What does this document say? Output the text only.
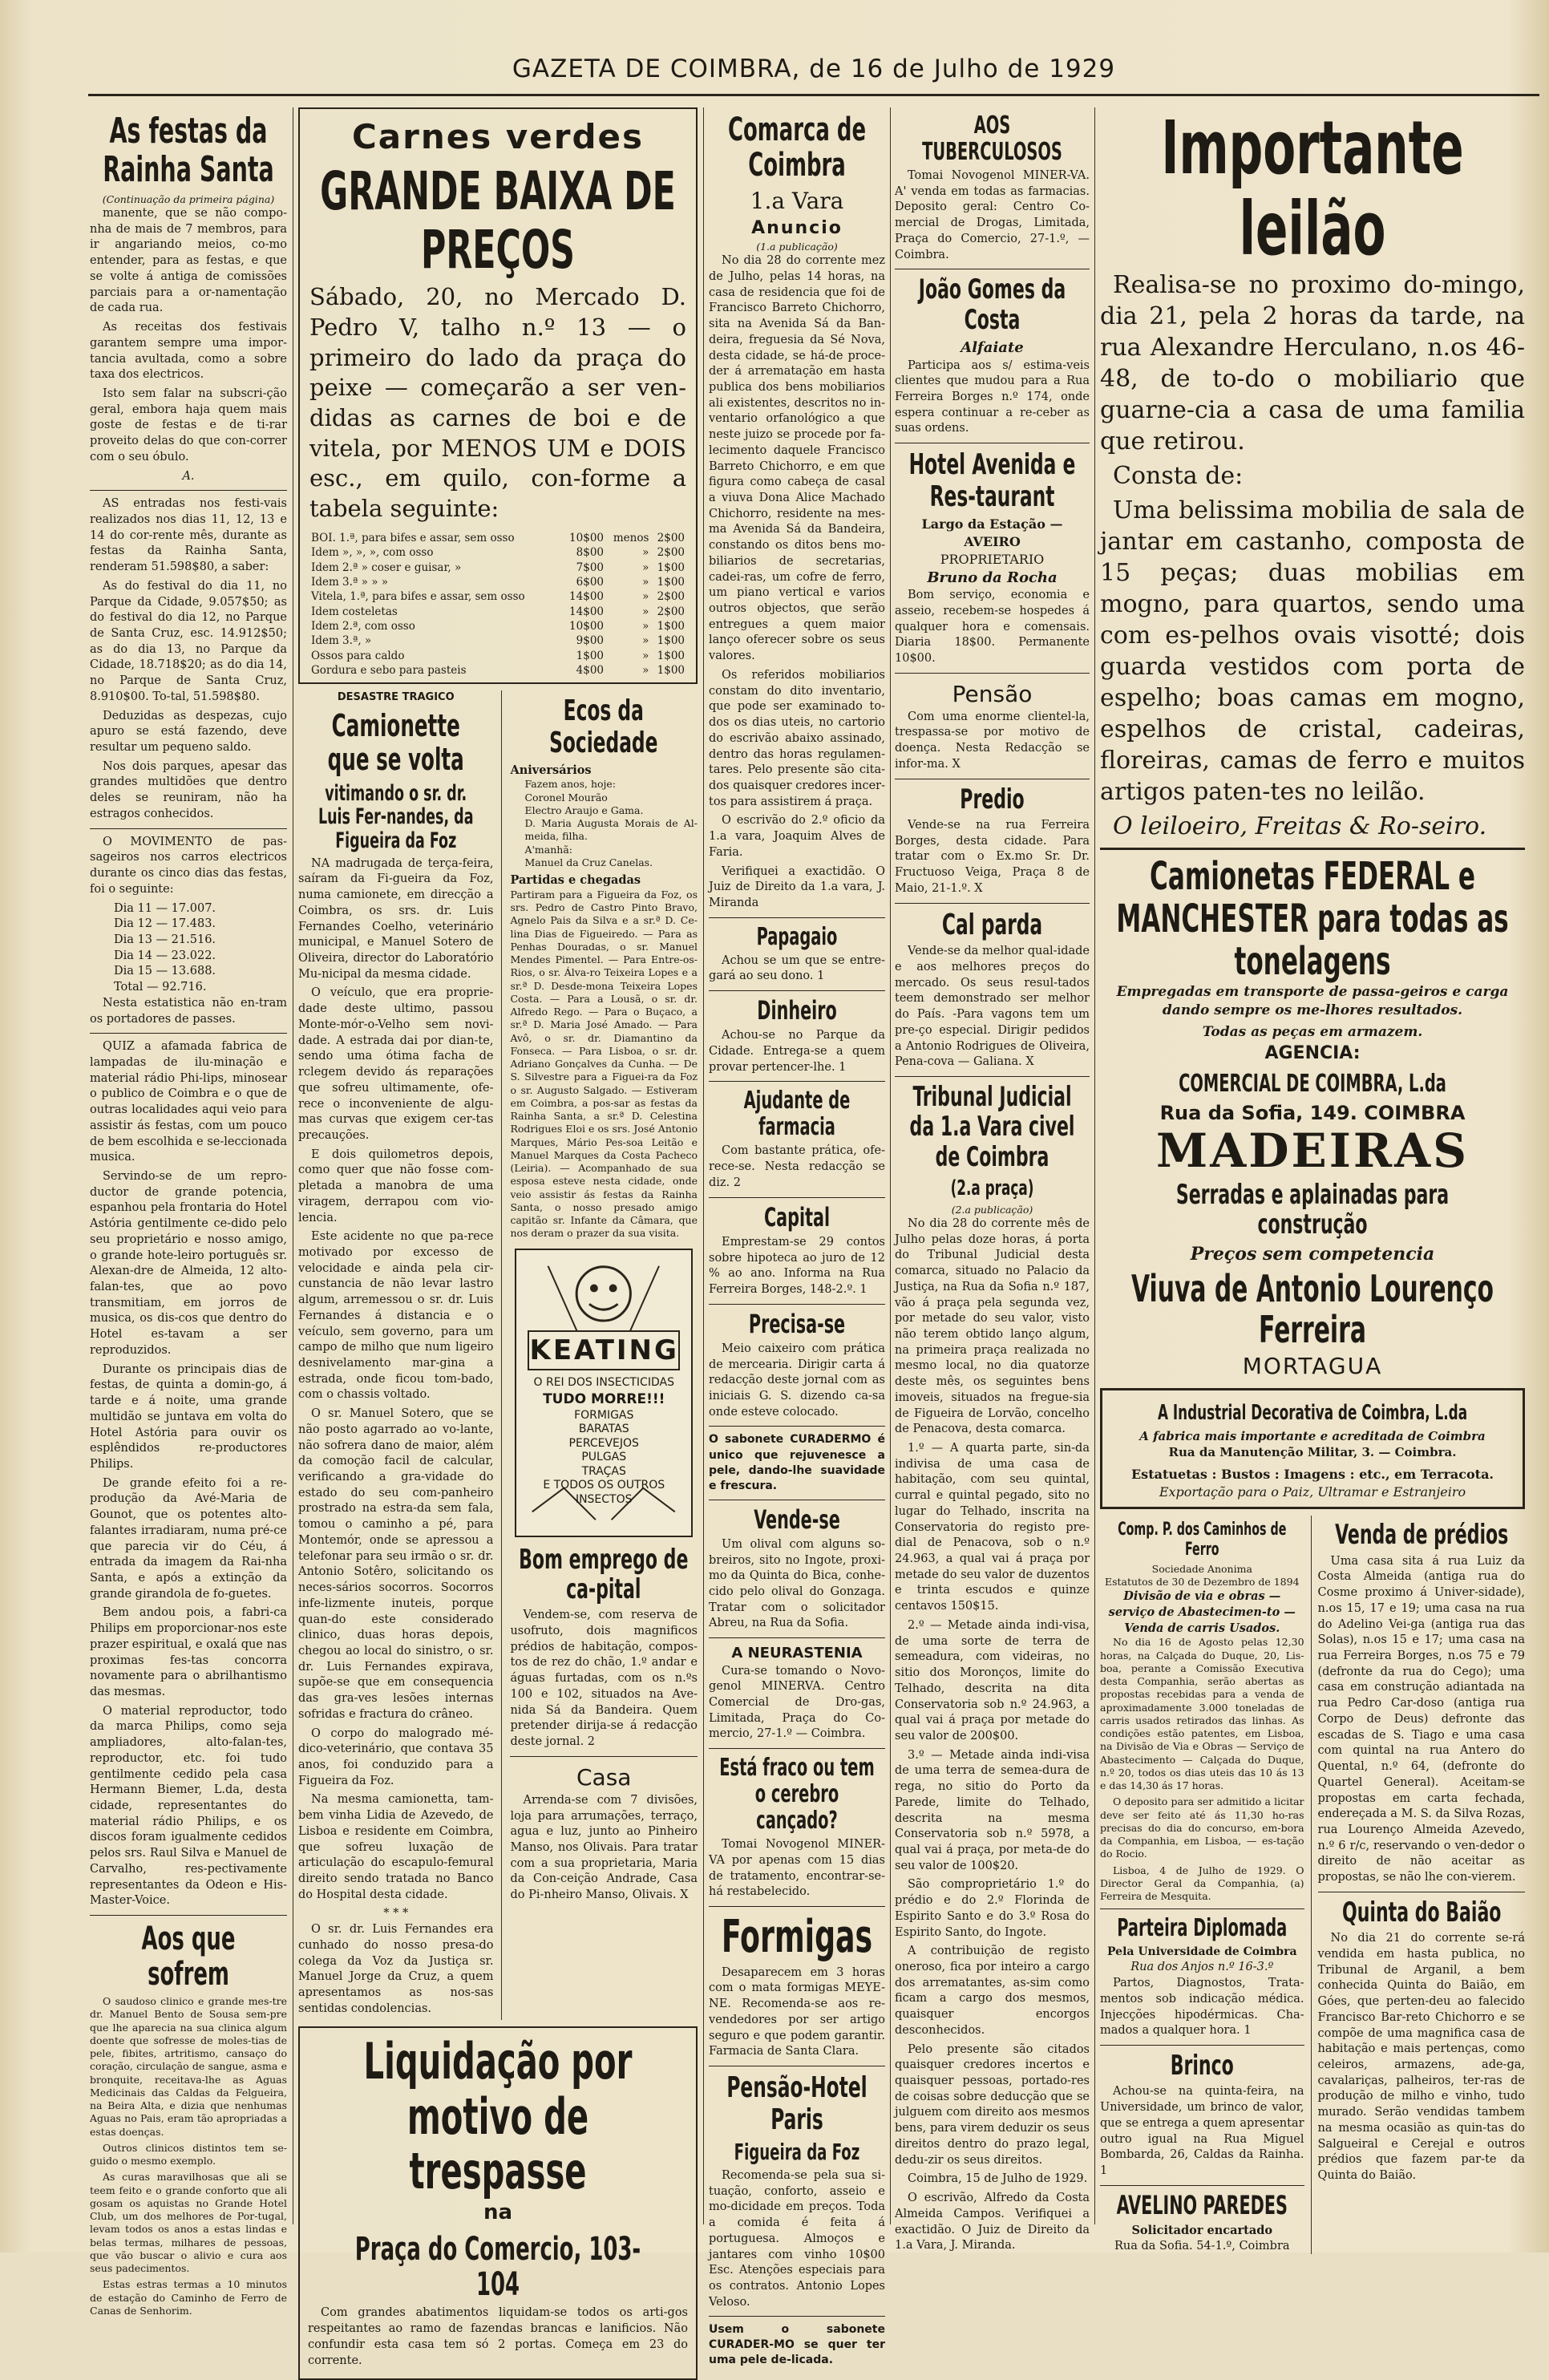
GAZETA DE COIMBRA, de 16 de Julho de 1929
As festas da Rainha Santa
(Continuação da primeira página)

manente, que se não compo-nha de mais de 7 membros, para ir angariando meios, co-mo entender, para as festas, e que se volte á antiga de comissões parciais para a or-namentação de cada rua.

As receitas dos festivais garantem sempre uma impor-tancia avultada, como a sobre taxa dos electricos.

Isto sem falar na subscri-ção geral, embora haja quem mais goste de festas e de ti-rar proveito delas do que con-correr com o seu óbulo.

A.

AS entradas nos festi-vais realizados nos dias 11, 12, 13 e 14 do cor-rente mês, durante as festas da Rainha Santa, renderam 51.598$80, a saber:

As do festival do dia 11, no Parque da Cidade, 9.057$50; as do festival do dia 12, no Parque de Santa Cruz, esc. 14.912$50; as do dia 13, no Parque da Cidade, 18.718$20; as do dia 14, no Parque de Santa Cruz, 8.910$00. To-tal, 51.598$80.

Deduzidas as despezas, cujo apuro se está fazendo, deve resultar um pequeno saldo.

Nos dois parques, apesar das grandes multidões que dentro deles se reuniram, não ha estragos conhecidos.

O MOVIMENTO de pas-sageiros nos carros electricos durante os cinco dias das festas, foi o seguinte:

Dia 11 — 17.007.
Dia 12 — 17.483.
Dia 13 — 21.516.
Dia 14 — 23.022.
Dia 15 — 13.688.
Total — 92.716.

Nesta estatistica não en-tram os portadores de passes.

QUIZ a afamada fabrica de lampadas de ilu-minação e material rádio Phi-lips, minosear o publico de Coimbra e o que de outras localidades aqui veio para assistir ás festas, com um pouco de bem escolhida e se-leccionada musica.

Servindo-se de um repro-ductor de grande potencia, espanhou pela frontaria do Hotel Astória gentilmente ce-dido pelo seu proprietário e nosso amigo, o grande hote-leiro português sr. Alexan-dre de Almeida, 12 alto-falan-tes, que ao povo transmitiam, em jorros de musica, os dis-cos que dentro do Hotel es-tavam a ser reproduzidos.

Durante os principais dias de festas, de quinta a domin-go, á tarde e á noite, uma grande multidão se juntava em volta do Hotel Astória para ouvir os esplêndidos re-productores Philips.

De grande efeito foi a re-produção da Avé-Maria de Gounot, que os potentes alto-falantes irradiaram, numa pré-ce que parecia vir do Céu, á entrada da imagem da Rai-nha Santa, e após a extinção da grande girandola de fo-guetes.

Bem andou pois, a fabri-ca Philips em proporcionar-nos este prazer espiritual, e oxalá que nas proximas fes-tas concorra novamente para o abrilhantismo das mesmas.

O material reproductor, todo da marca Philips, como seja ampliadores, alto-falan-tes, reproductor, etc. foi tudo gentilmente cedido pela casa Hermann Biemer, L.da, desta cidade, representantes do material rádio Philips, e os discos foram igualmente cedidos pelos srs. Raul Silva e Manuel de Carvalho, res-pectivamente representantes da Odeon e His-Master-Voice.

Aos que sofrem

O saudoso clinico e grande mes-tre dr. Manuel Bento de Sousa sem-pre que lhe aparecia na sua clinica algum doente que sofresse de moles-tias de pele, fibites, artritismo, cansaço do coração, circulação de sangue, asma e bronquite, receitava-lhe as Aguas Medicinais das Caldas da Felgueira, na Beira Alta, e dizia que nenhumas Aguas no Pais, eram tão apropriadas a estas doenças.

Outros clinicos distintos tem se-guido o mesmo exemplo.

As curas maravilhosas que ali se teem feito e o grande conforto que ali gosam os aquistas no Grande Hotel Club, um dos melhores de Por-tugal, levam todos os anos a estas lindas e belas termas, milhares de pessoas, que vão buscar o alivio e cura aos seus padecimentos.

Estas estras termas a 10 minutos de estação do Caminho de Ferro de Canas de Senhorim.

Carnes verdes
GRANDE BAIXA DE PREÇOS
Sábado, 20, no Mercado D. Pedro V, talho n.º 13 — o primeiro do lado da praça do peixe — começarão a ser ven-didas as carnes de boi e de vitela, por MENOS UM e DOIS esc., em quilo, con-forme a tabela seguinte:
BOI. 1.ª, para bifes e assar, sem osso	10$00	menos	2$00
Idem », », », com osso	8$00	»	2$00
Idem 2.ª » coser e guisar, »	7$00	»	1$00
Idem 3.ª » » »	6$00	»	1$00
Vitela, 1.ª, para bifes e assar, sem osso	14$00	»	2$00
Idem costeletas	14$00	»	2$00
Idem 2.ª, com osso	10$00	»	1$00
Idem 3.ª, »	9$00	»	1$00
Ossos para caldo	1$00	»	1$00
Gordura e sebo para pasteis	4$00	»	1$00
DESASTRE TRAGICO
Camionette que se volta
vitimando o sr. dr. Luis Fer-nandes, da Figueira da Foz

NA madrugada de terça-feira, saíram da Fi-gueira da Foz, numa camionete, em direcção a Coimbra, os srs. dr. Luis Fernandes Coelho, veterinário municipal, e Manuel Sotero de Oliveira, director do Laboratório Mu-nicipal da mesma cidade.

O veículo, que era proprie-dade deste ultimo, passou Monte-mór-o-Velho sem novi-dade. A estrada dai por dian-te, sendo uma ótima facha de rclegem devido ás reparações que sofreu ultimamente, ofe-rece o inconveniente de algu-mas curvas que exigem cer-tas precauções.

E dois quilometros depois, como quer que não fosse com-pletada a manobra de uma viragem, derrapou com vio-lencia.

Este acidente no que pa-rece motivado por excesso de velocidade e ainda pela cir-cunstancia de não levar lastro algum, arremessou o sr. dr. Luis Fernandes á distancia e o veículo, sem governo, para um campo de milho que num ligeiro desnivelamento mar-gina a estrada, onde ficou tom-bado, com o chassis voltado.

O sr. Manuel Sotero, que se não posto agarrado ao vo-lante, não sofrera dano de maior, além da comoção facil de calcular, verificando a gra-vidade do estado do seu com-panheiro prostrado na estra-da sem fala, tomou o caminho a pé, para Montemór, onde se apressou a telefonar para seu irmão o sr. dr. Antonio Sotêro, solicitando os neces-sários socorros. Socorros infe-lizmente inuteis, porque quan-do este considerado clinico, duas horas depois, chegou ao local do sinistro, o sr. dr. Luis Fernandes expirava, supõe-se que em consequencia das gra-ves lesões internas sofridas e fractura do crâneo.

O corpo do malogrado mé-dico-veterinário, que contava 35 anos, foi conduzido para a Figueira da Foz.

Na mesma camionetta, tam-bem vinha Lidia de Azevedo, de Lisboa e residente em Coimbra, que sofreu luxação de articulação do escapulo-femural direito sendo tratada no Banco do Hospital desta cidade.

* * *

O sr. dr. Luis Fernandes era cunhado do nosso presa-do colega da Voz da Justiça sr. Manuel Jorge da Cruz, a quem apresentamos as nos-sas sentidas condolencias.

Ecos da Sociedade
Aniversários
Fazem anos, hoje:
Coronel Mourão
Electro Araujo e Gama.
D. Maria Augusta Morais de Al-meida, filha.
A'manhã:
Manuel da Cruz Canelas.
Partidas e chegadas
Partiram para a Figueira da Foz, os srs. Pedro de Castro Pinto Bravo, Agnelo Pais da Silva e a sr.ª D. Ce-lina Dias de Figueiredo. — Para as Penhas Douradas, o sr. Manuel Mendes Pimentel. — Para Entre-os-Rios, o sr. Álva-ro Teixeira Lopes e a sr.ª D. Desde-mona Teixeira Lopes Costa. — Para a Lousã, o sr. dr. Alfredo Rego. — Para o Buçaco, a sr.ª D. Maria José Amado. — Para Avô, o sr. dr. Diamantino da Fonseca. — Para Lisboa, o sr. dr. Adriano Gonçalves da Cunha. — De S. Silvestre para a Figuei-ra da Foz o sr. Augusto Salgado. — Estiveram em Coimbra, a pos-sar as festas da Rainha Santa, a sr.ª D. Celestina Rodrigues Eloi e os srs. José Antonio Marques, Mário Pes-soa Leitão e Manuel Marques da Costa Pacheco (Leiria). — Acompanhado de sua esposa esteve nesta cidade, onde veio assistir ás festas da Rainha Santa, o nosso presado amigo capitão sr. Infante da Câmara, que nos deram o prazer da sua visita.
KEATING
O REI DOS INSECTICIDAS
TUDO MORRE!!!
FORMIGAS
BARATAS
PERCEVEJOS
PULGAS
TRAÇAS
E TODOS OS OUTROS INSECTOS
Bom emprego de ca-pital

Vendem-se, com reserva de usofruto, dois magnificos prédios de habitação, compos-tos de rez do chão, 1.º andar e águas furtadas, com os n.ºs 100 e 102, situados na Ave-nida Sá da Bandeira. Quem pretender dirija-se á redacção deste jornal. 2

Casa

Arrenda-se com 7 divisões, loja para arrumações, terraço, agua e luz, junto ao Pinheiro Manso, nos Olivais. Para tratar com a sua proprietaria, Maria da Con-ceição Andrade, Casa do Pi-nheiro Manso, Olivais. X

Liquidação por motivo de trespasse
na
Praça do Comercio, 103-104

Com grandes abatimentos liquidam-se todos os arti-gos respeitantes ao ramo de fazendas brancas e lanificios. Não confundir esta casa tem só 2 portas. Começa em 23 do corrente.

Comarca de Coimbra
1.a Vara
Anuncio
(1.a publicação)

No dia 28 do corrente mez de Julho, pelas 14 horas, na casa de residencia que foi de Francisco Barreto Chichorro, sita na Avenida Sá da Ban-deira, freguesia da Sé Nova, desta cidade, se há-de proce-der á arrematação em hasta publica dos bens mobiliarios ali existentes, descritos no in-ventario orfanológico a que neste juizo se procede por fa-lecimento daquele Francisco Barreto Chichorro, e em que figura como cabeça de casal a viuva Dona Alice Machado Chichorro, residente na mes-ma Avenida Sá da Bandeira, constando os ditos bens mo-biliarios de secretarias, cadei-ras, um cofre de ferro, um piano vertical e varios outros objectos, que serão entregues a quem maior lanço oferecer sobre os seus valores.

Os referidos mobiliarios constam do dito inventario, que pode ser examinado to-dos os dias uteis, no cartorio do escrivão abaixo assinado, dentro das horas regulamen-tares. Pelo presente são cita-dos quaisquer credores incer-tos para assistirem á praça.

O escrivão do 2.º oficio da 1.a vara, Joaquim Alves de Faria.

Verifiquei a exactidão. O Juiz de Direito da 1.a vara, J. Miranda

Papagaio

Achou se um que se entre-gará ao seu dono. 1

Dinheiro

Achou-se no Parque da Cidade. Entrega-se a quem provar pertencer-lhe. 1

Ajudante de farmacia

Com bastante prática, ofe-rece-se. Nesta redacção se diz. 2

Capital

Emprestam-se 29 contos sobre hipoteca ao juro de 12 % ao ano. Informa na Rua Ferreira Borges, 148-2.º. 1

Precisa-se

Meio caixeiro com prática de mercearia. Dirigir carta á redacção deste jornal com as iniciais G. S. dizendo ca-sa onde esteve colocado.

O sabonete CURADERMO é unico que rejuvenesce a pele, dando-lhe suavidade e frescura.
Vende-se

Um olival com alguns so-breiros, sito no Ingote, proxi-mo da Quinta do Bica, conhe-cido pelo olival do Gonzaga. Tratar com o solicitador Abreu, na Rua da Sofia.

A NEURASTENIA

Cura-se tomando o Novo-genol MINERVA. Centro Comercial de Dro-gas, Limitada, Praça do Co-mercio, 27-1.º — Coimbra.

Está fraco ou tem o cerebro cançado?

Tomai Novogenol MINER-VA por apenas com 15 dias de tratamento, encontrar-se-há restabelecido.

Formigas

Desaparecem em 3 horas com o mata formigas MEYE-NE. Recomenda-se aos re-vendedores por ser artigo seguro e que podem garantir. Farmacia de Santa Clara.

Pensão-Hotel Paris
Figueira da Foz

Recomenda-se pela sua si-tuação, conforto, asseio e mo-dicidade em preços. Toda a comida é feita á portuguesa. Almoços e jantares com vinho 10$00 Esc. Atenções especiais para os contratos. Antonio Lopes Veloso.

Usem o sabonete CURADER-MO se quer ter uma pele de-licada.
AOS TUBERCULOSOS

Tomai Novogenol MINER-VA. A' venda em todas as farmacias. Deposito geral: Centro Co-mercial de Drogas, Limitada, Praça do Comercio, 27-1.º, — Coimbra.

João Gomes da Costa
Alfaiate

Participa aos s/ estima-veis clientes que mudou para a Rua Ferreira Borges n.º 174, onde espera continuar a re-ceber as suas ordens.

Hotel Avenida e Res-taurant
Largo da Estação — AVEIRO
PROPRIETARIO
Bruno da Rocha

Bom serviço, economia e asseio, recebem-se hospedes á qualquer hora e comensais. Diaria 18$00. Permanente 10$00.

Pensão

Com uma enorme clientel-la, trespassa-se por motivo de doença. Nesta Redacção se infor-ma. X

Predio

Vende-se na rua Ferreira Borges, desta cidade. Para tratar com o Ex.mo Sr. Dr. Fructuoso Veiga, Praça 8 de Maio, 21-1.º. X

Cal parda

Vende-se da melhor qual-idade e aos melhores preços do mercado. Os seus resul-tados teem demonstrado ser melhor do País. -Para vagons tem um pre-ço especial. Dirigir pedidos a Antonio Rodrigues de Oliveira, Pena-cova — Galiana. X

Tribunal Judicial da 1.a Vara civel de Coimbra
(2.a praça)
(2.a publicação)

No dia 28 do corrente mês de Julho pelas doze horas, á porta do Tribunal Judicial desta comarca, situado no Palacio da Justiça, na Rua da Sofia n.º 187, vão á praça pela segunda vez, por metade do seu valor, visto não terem obtido lanço algum, na primeira praça realizada no mesmo local, no dia quatorze deste mês, os seguintes bens imoveis, situados na fregue-sia de Figueira de Lorvão, concelho de Penacova, desta comarca.

1.º — A quarta parte, sin-da indivisa de uma casa de habitação, com seu quintal, curral e quintal pegado, sito no lugar do Telhado, inscrita na Conservatoria do registo pre-dial de Penacova, sob o n.º 24.963, a qual vai á praça por metade do seu valor de duzentos e trinta escudos e quinze centavos 150$15.

2.º — Metade ainda indi-visa, de uma sorte de terra de semeadura, com videiras, no sitio dos Moronços, limite do Telhado, descrita na dita Conservatoria sob n.º 24.963, a qual vai á praça por metade do seu valor de 200$00.

3.º — Metade ainda indi-visa de uma terra de semea-dura de rega, no sitio do Porto da Parede, limite do Telhado, descrita na mesma Conservatoria sob n.º 5978, a qual vai á praça, por meta-de do seu valor de 100$20.

São comproprietário 1.º do prédio e do 2.º Florinda de Espirito Santo e do 3.º Rosa do Espirito Santo, do Ingote.

A contribuição de registo oneroso, fica por inteiro a cargo dos arrematantes, as-sim como ficam a cargo dos mesmos, quaisquer encorgos desconhecidos.

Pelo presente são citados quaisquer credores incertos e quaisquer pessoas, portado-res de coisas sobre deducção que se julguem com direito aos mesmos bens, para virem deduzir os seus direitos dentro do prazo legal, dedu-zir os seus direitos.

Coimbra, 15 de Julho de 1929.

O escrivão, Alfredo da Costa Almeida Campos. Verifiquei a exactidão. O Juiz de Direito da 1.a Vara, J. Miranda.

Importante leilão

Realisa-se no proximo do-mingo, dia 21, pela 2 horas da tarde, na rua Alexandre Herculano, n.os 46-48, de to-do o mobiliario que guarne-cia a casa de uma familia que retirou.

Consta de:

Uma belissima mobilia de sala de jantar em castanho, composta de 15 peças; duas mobilias em mogno, para quartos, sendo uma com es-pelhos ovais visotté; dois guarda vestidos com porta de espelho; boas camas em mogno, espelhos de cristal, cadeiras, floreiras, camas de ferro e muitos artigos paten-tes no leilão.

O leiloeiro, Freitas & Ro-seiro.

Camionetas FEDERAL e MANCHESTER para todas as tonelagens
Empregadas em transporte de passa-geiros e carga dando sempre os me-lhores resultados.
Todas as peças em armazem.
AGENCIA:
COMERCIAL DE COIMBRA, L.da
Rua da Sofia, 149. COIMBRA
MADEIRAS
Serradas e aplainadas para construção
Preços sem competencia
Viuva de Antonio Lourenço Ferreira
MORTAGUA
A Industrial Decorativa de Coimbra, L.da
A fabrica mais importante e acreditada de Coimbra
Rua da Manutenção Militar, 3. — Coimbra.
Estatuetas : Bustos : Imagens : etc., em Terracota.
Exportação para o Paiz, Ultramar e Estranjeiro
Comp. P. dos Caminhos de Ferro
Sociedade Anonima
Estatutos de 30 de Dezembro de 1894
Divisão de via e obras — serviço de Abastecimen-to — Venda de carris Usados.

No dia 16 de Agosto pelas 12,30 horas, na Calçada do Duque, 20, Lis-boa, perante a Comissão Executiva desta Companhia, serão abertas as propostas recebidas para a venda de aproximadamente 3.000 toneladas de carris usados retirados das linhas. As condições estão patentes, em Lisboa, na Divisão de Via e Obras — Serviço de Abastecimento — Calçada do Duque, n.º 20, todos os dias uteis das 10 ás 13 e das 14,30 ás 17 horas.

O deposito para ser admitido a licitar deve ser feito até ás 11,30 ho-ras precisas do dia do concurso, em-bora da Companhia, em Lisboa, — es-tação do Rocio.

Lisboa, 4 de Julho de 1929. O Director Geral da Companhia, (a) Ferreira de Mesquita.

Parteira Diplomada
Pela Universidade de Coimbra
Rua dos Anjos n.º 16-3.º

Partos, Diagnostos, Trata-mentos sob indicação médica. Injecções hipodérmicas. Cha-mados a qualquer hora. 1

Brinco

Achou-se na quinta-feira, na Universidade, um brinco de valor, que se entrega a quem apresentar outro igual na Rua Miguel Bombarda, 26, Caldas da Rainha. 1

AVELINO PAREDES
Solicitador encartado
Rua da Sofia. 54-1.º, Coimbra
Venda de prédios

Uma casa sita á rua Luiz da Costa Almeida (antiga rua do Cosme proximo á Univer-sidade), n.os 15, 17 e 19; uma casa na rua do Adelino Vei-ga (antiga rua das Solas), n.os 15 e 17; uma casa na rua Ferreira Borges, n.os 75 e 79 (defronte da rua do Cego); uma casa em construção adiantada na rua Pedro Car-doso (antiga rua Corpo de Deus) defronte das escadas de S. Tiago e uma casa com quintal na rua Antero do Quental, n.º 64, (defronte do Quartel General). Aceitam-se propostas em carta fechada, endereçada a M. S. da Silva Rozas, rua Lourenço Almeida Azevedo, n.º 6 r/c, reservando o ven-dedor o direito de não aceitar as propostas, se não lhe con-vierem.

Quinta do Baião

No dia 21 do corrente se-rá vendida em hasta publica, no Tribunal de Arganil, a bem conhecida Quinta do Baião, em Góes, que perten-deu ao falecido Francisco Bar-reto Chichorro e se compõe de uma magnifica casa de habitação e mais pertenças, como celeiros, armazens, ade-ga, cavalariças, palheiros, ter-ras de produção de milho e vinho, tudo murado. Serão vendidas tambem na mesma ocasião as quin-tas do Salgueiral e Cerejal e outros prédios que fazem par-te da Quinta do Baião.
